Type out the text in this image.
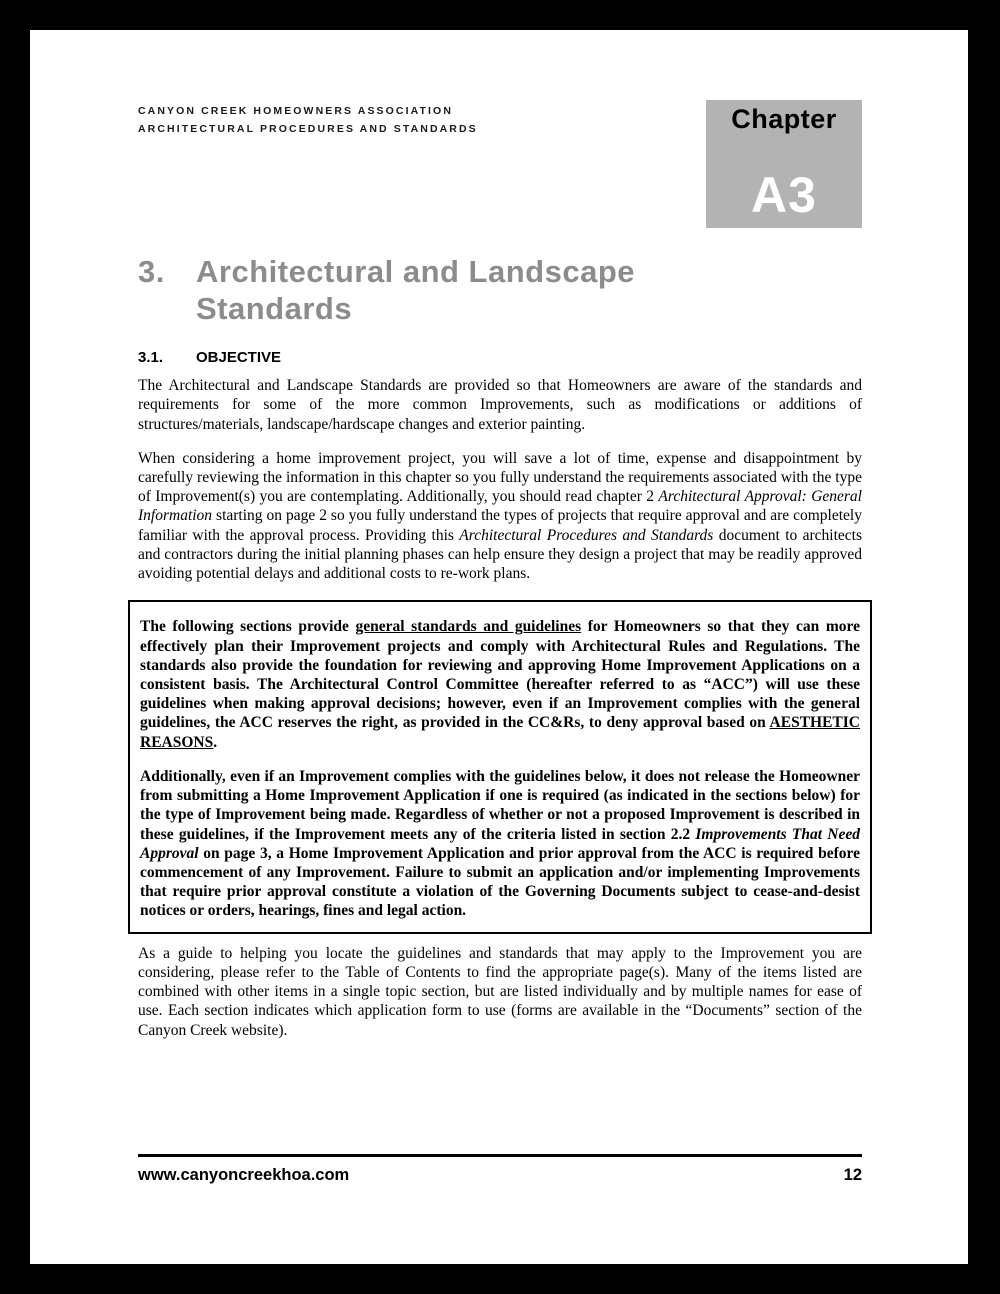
CANYON CREEK HOMEOWNERS ASSOCIATION
ARCHITECTURAL PROCEDURES AND STANDARDS	Chapter
A3
3.	Architectural and Landscape
Standards
3.1.	OBJECTIVE

The Architectural and Landscape Standards are provided so that Homeowners are aware of the standards and requirements for some of the more common Improvements, such as modifications or additions of structures/materials, landscape/hardscape changes and exterior painting.

When considering a home improvement project, you will save a lot of time, expense and disappointment by carefully reviewing the information in this chapter so you fully understand the requirements associated with the type of Improvement(s) you are contemplating. Additionally, you should read chapter 2 Architectural Approval: General Information starting on page 2 so you fully understand the types of projects that require approval and are completely familiar with the approval process. Providing this Architectural Procedures and Standards document to architects and contractors during the initial planning phases can help ensure they design a project that may be readily approved avoiding potential delays and additional costs to re-work plans.

The following sections provide general standards and guidelines for Homeowners so that they can more effectively plan their Improvement projects and comply with Architectural Rules and Regulations. The standards also provide the foundation for reviewing and approving Home Improvement Applications on a consistent basis. The Architectural Control Committee (hereafter referred to as “ACC”) will use these guidelines when making approval decisions; however, even if an Improvement complies with the general guidelines, the ACC reserves the right, as provided in the CC&Rs, to deny approval based on AESTHETIC REASONS.

Additionally, even if an Improvement complies with the guidelines below, it does not release the Homeowner from submitting a Home Improvement Application if one is required (as indicated in the sections below) for the type of Improvement being made. Regardless of whether or not a proposed Improvement is described in these guidelines, if the Improvement meets any of the criteria listed in section 2.2 Improvements That Need Approval on page 3, a Home Improvement Application and prior approval from the ACC is required before commencement of any Improvement. Failure to submit an application and/or implementing Improvements that require prior approval constitute a violation of the Governing Documents subject to cease-and-desist notices or orders, hearings, fines and legal action.

As a guide to helping you locate the guidelines and standards that may apply to the Improvement you are considering, please refer to the Table of Contents to find the appropriate page(s). Many of the items listed are combined with other items in a single topic section, but are listed individually and by multiple names for ease of use. Each section indicates which application form to use (forms are available in the “Documents” section of the Canyon Creek website).

www.canyoncreekhoa.com	12
